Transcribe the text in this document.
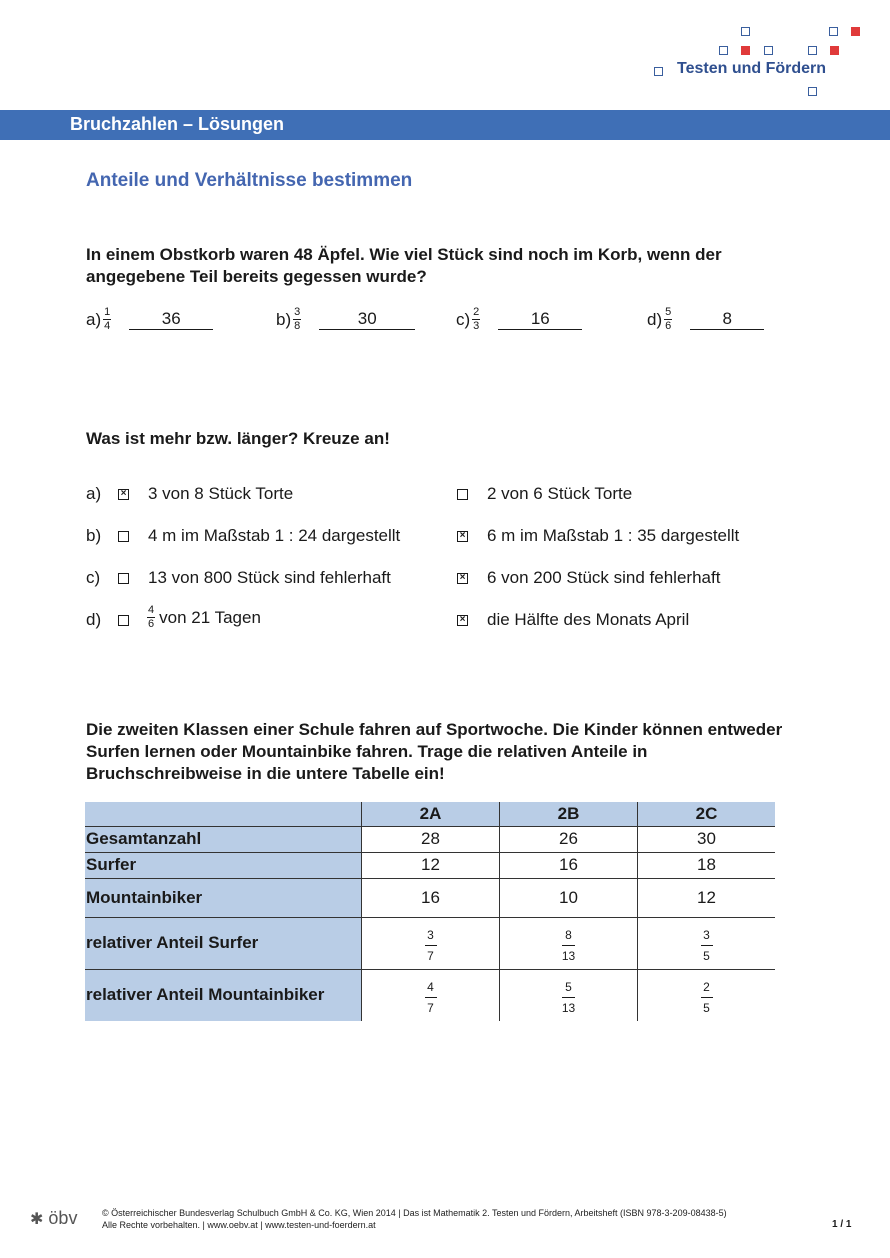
Testen und Fördern
Bruchzahlen – Lösungen
Anteile und Verhältnisse bestimmen
In einem Obstkorb waren 48 Äpfel. Wie viel Stück sind noch im Korb, wenn der angegebene Teil bereits gegessen wurde?
$a) \frac{1}{4}$	36	$b) \frac{3}{8}$	30	$c) \frac{2}{3}$	16	$d) \frac{5}{6}$	8
Was ist mehr bzw. länger? Kreuze an!
a) × 3 von 8 Stück Torte	2 von 6 Stück Torte
b)	4 m im Maßstab 1 : 24 dargestellt	× 6 m im Maßstab 1 : 35 dargestellt
c)	13 von 800 Stück sind fehlerhaft	× 6 von 200 Stück sind fehlerhaft
d)	$\frac{4}{6}$ von 21 Tagen	× die Hälfte des Monats April
Die zweiten Klassen einer Schule fahren auf Sportwoche. Die Kinder können entweder Surfen lernen oder Mountainbike fahren. Trage die relativen Anteile in Bruchschreibweise in die untere Tabelle ein!
	2A	2B	2C
Gesamtanzahl	28	26	30
Surfer	12	16	18
Mountainbiker	16	10	12
relativer Anteil Surfer	$\frac{3}{7}$	$\frac{8}{13}$	$\frac{3}{5}$

relativer Anteil Mountainbiker	$\frac{4}{7}$	$\frac{5}{13}$	$\frac{2}{5}$
✱ öbv	© Österreichischer Bundesverlag Schulbuch GmbH & Co. KG, Wien 2014 | Das ist Mathematik 2. Testen und Fördern, Arbeitsheft (ISBN 978-3-209-08438-5)
Alle Rechte vorbehalten. | www.oebv.at | www.testen-und-foerdern.at	1 / 1
